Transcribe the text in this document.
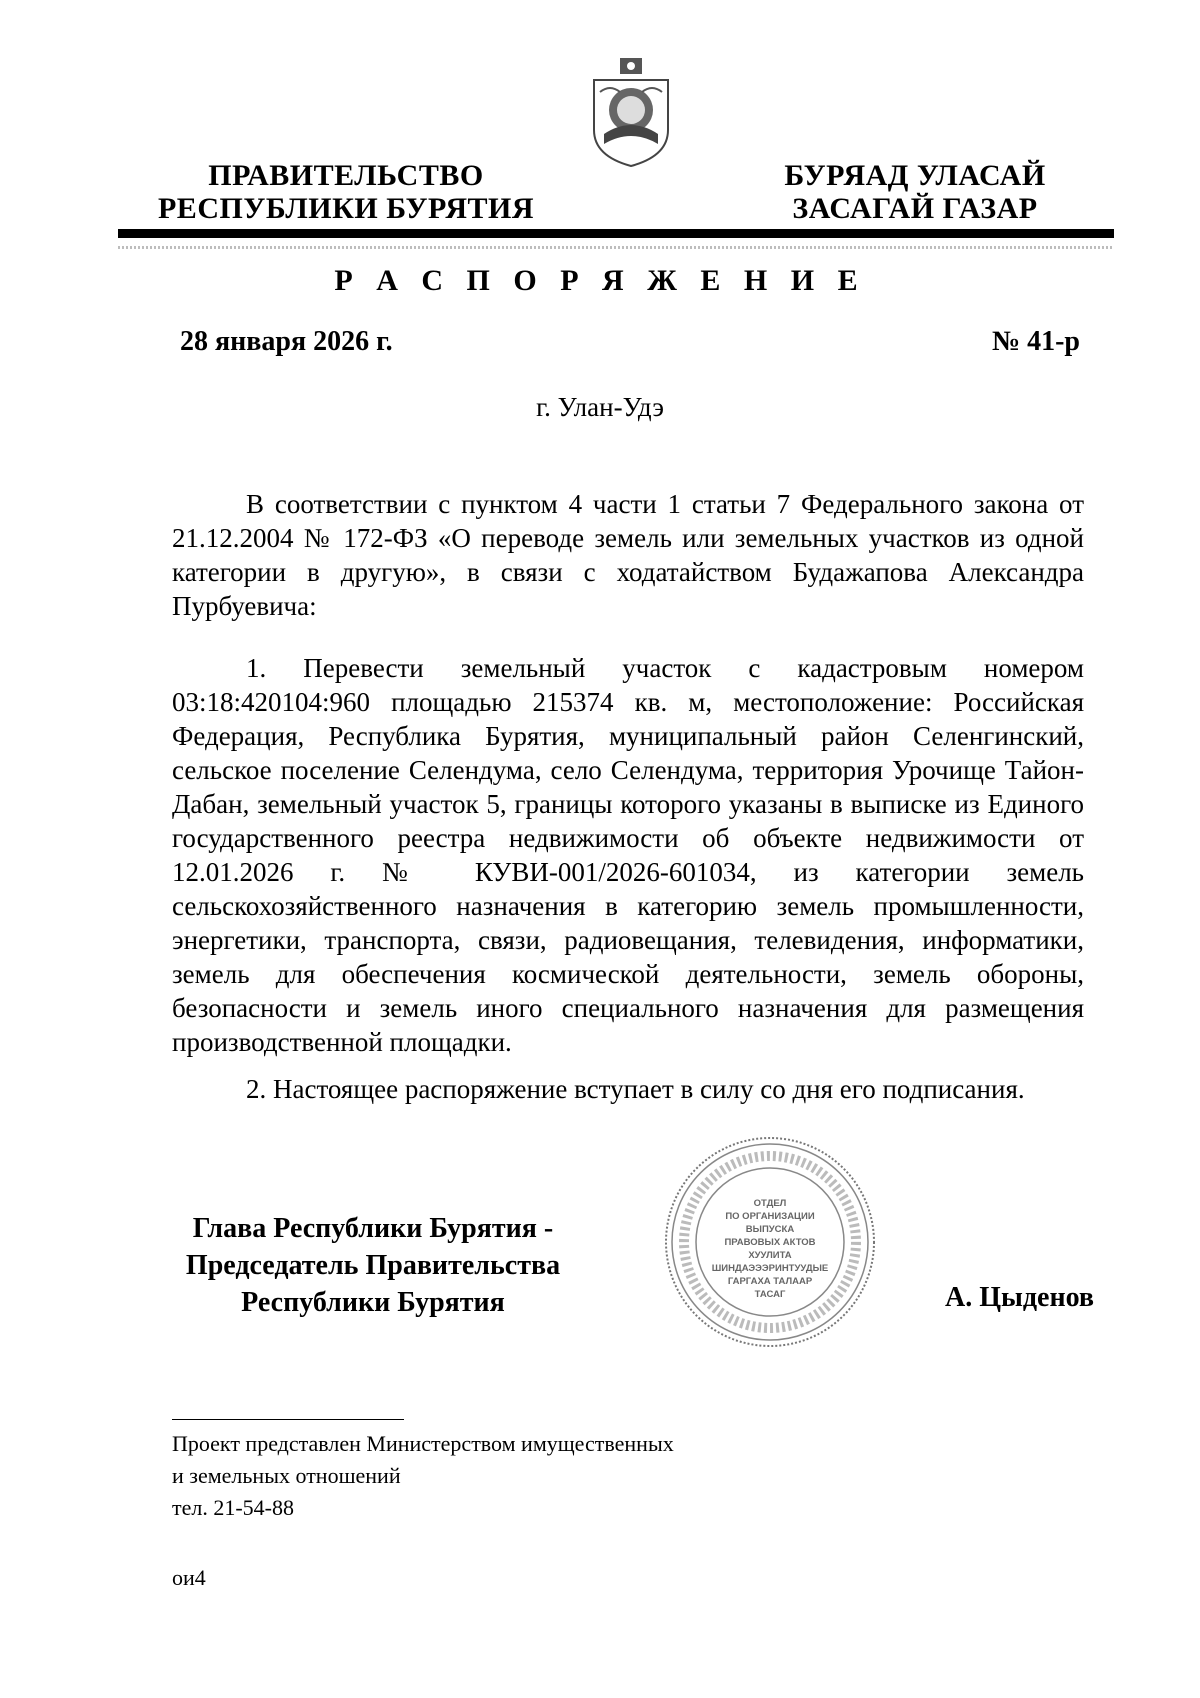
ПРАВИТЕЛЬСТВО
РЕСПУБЛИКИ БУРЯТИЯ
БУРЯАД УЛАСАЙ
ЗАСАГАЙ ГАЗАР
Р А С П О Р Я Ж Е Н И Е
28 января 2026 г.	№ 41-р
г. Улан-Удэ

В соответствии с пунктом 4 части 1 статьи 7 Федерального закона от 21.12.2004 № 172-ФЗ «О переводе земель или земельных участков из одной категории в другую», в связи с ходатайством Будажапова Александра Пурбуевича:

1. Перевести земельный участок с кадастровым номером 03:18:420104:960 площадью 215374 кв. м, местоположение: Российская Федерация, Республика Бурятия, муниципальный район Селенгинский, сельское поселение Селендума, село Селендума, территория Урочище Тайон-Дабан, земельный участок 5, границы которого указаны в выписке из Единого государственного реестра недвижимости об объекте недвижимости от 12.01.2026 г. № КУВИ-001/2026-601034, из категории земель сельскохозяйственного назначения в категорию земель промышленности, энергетики, транспорта, связи, радиовещания, телевидения, информатики, земель для обеспечения космической деятельности, земель обороны, безопасности и земель иного специального назначения для размещения производственной площадки.

2. Настоящее распоряжение вступает в силу со дня его подписания.

Глава Республики Бурятия -
Председатель Правительства
Республики Бурятия
ОТДЕЛ
ПО ОРГАНИЗАЦИИ
ВЫПУСКА
ПРАВОВЫХ АКТОВ
ХУУЛИТА
ШИНДАЭЭЭРИНТУУДЫЕ
ГАРГАХА ТАЛААР
ТАСАГ	А. Цыденов
Проект представлен Министерством имущественных
и земельных отношений
тел. 21-54-88
ои4
